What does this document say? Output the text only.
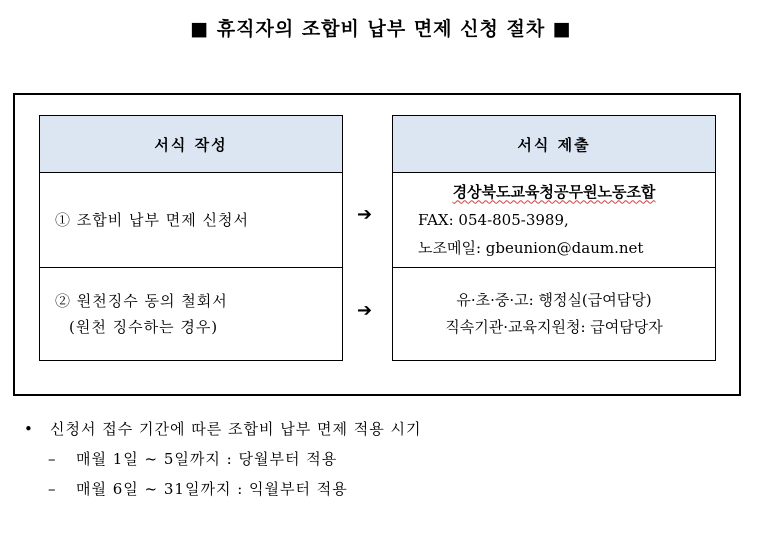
■ 휴직자의 조합비 납부 면제 신청 절차 ■
서식 작성
① 조합비 납부 면제 신청서
② 원천징수 동의 철회서
(원천 징수하는 경우)
➔
➔
서식 제출
경상북도교육청공무원노동조합
FAX: 054-805-3989,
노조메일: gbeunion@daum.net
유·초·중·고: 행정실(급여담당)
직속기관·교육지원청: 급여담당자
• 신청서 접수 기간에 따른 조합비 납부 면제 적용 시기
– 매월 1일 ~ 5일까지 : 당월부터 적용
– 매월 6일 ~ 31일까지 : 익월부터 적용
